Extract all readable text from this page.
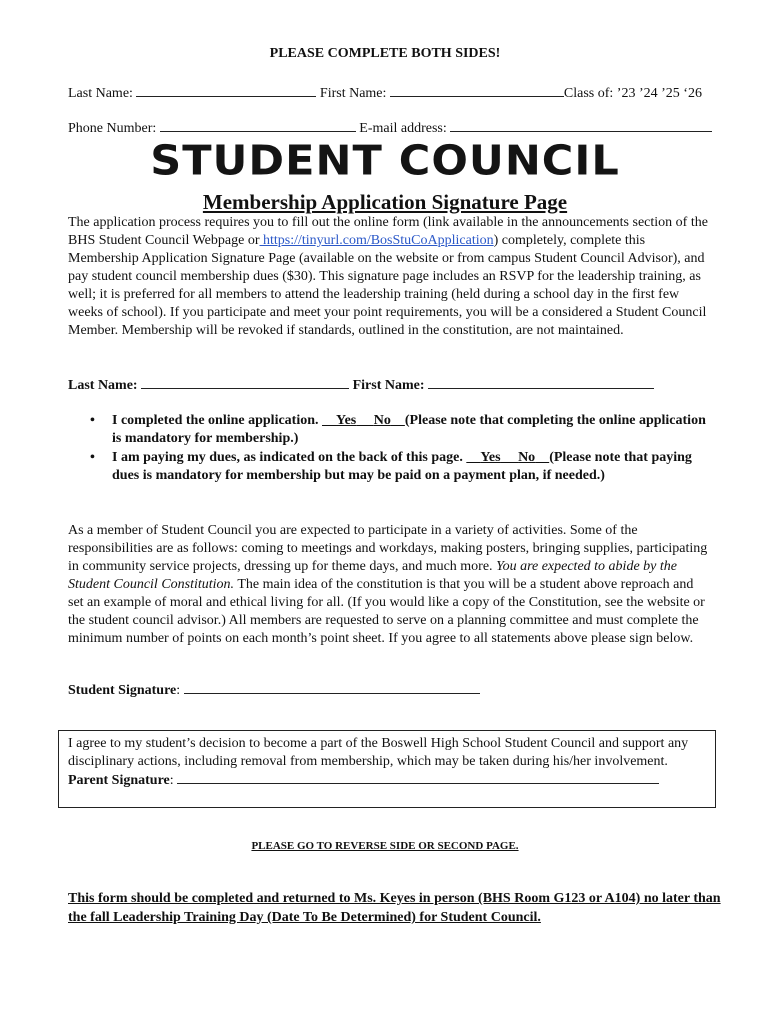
PLEASE COMPLETE BOTH SIDES!
Last Name:	First Name:	Class of: ’23 ’24 ’25 ‘26
Phone Number:	E-mail address:
STUDENT COUNCIL
Membership Application Signature Page
The application process requires you to fill out the online form (link available in the announcements section of the BHS Student Council Webpage or https://tinyurl.com/BosStuCoApplication) completely, complete this Membership Application Signature Page (available on the website or from campus Student Council Advisor), and pay student council membership dues ($30). This signature page includes an RSVP for the leadership training, as well; it is preferred for all members to attend the leadership training (held during a school day in the first few weeks of school). If you participate and meet your point requirements, you will be a considered a Student Council Member. Membership will be revoked if standards, outlined in the constitution, are not maintained.
Last Name:	First Name:
• I completed the online application. Yes No (Please note that completing the online application is mandatory for membership.)
• I am paying my dues, as indicated on the back of this page. Yes No (Please note that paying dues is mandatory for membership but may be paid on a payment plan, if needed.)
As a member of Student Council you are expected to participate in a variety of activities. Some of the responsibilities are as follows: coming to meetings and workdays, making posters, bringing supplies, participating in community service projects, dressing up for theme days, and much more. You are expected to abide by the Student Council Constitution. The main idea of the constitution is that you will be a student above reproach and set an example of moral and ethical living for all. (If you would like a copy of the Constitution, see the website or the student council advisor.) All members are requested to serve on a planning committee and must complete the minimum number of points on each month’s point sheet. If you agree to all statements above please sign below.
Student Signature:
I agree to my student’s decision to become a part of the Boswell High School Student Council and support any disciplinary actions, including removal from membership, which may be taken during his/her involvement.
Parent Signature:
PLEASE GO TO REVERSE SIDE OR SECOND PAGE.
This form should be completed and returned to Ms. Keyes in person (BHS Room G123 or A104) no later than the fall Leadership Training Day (Date To Be Determined) for Student Council.
